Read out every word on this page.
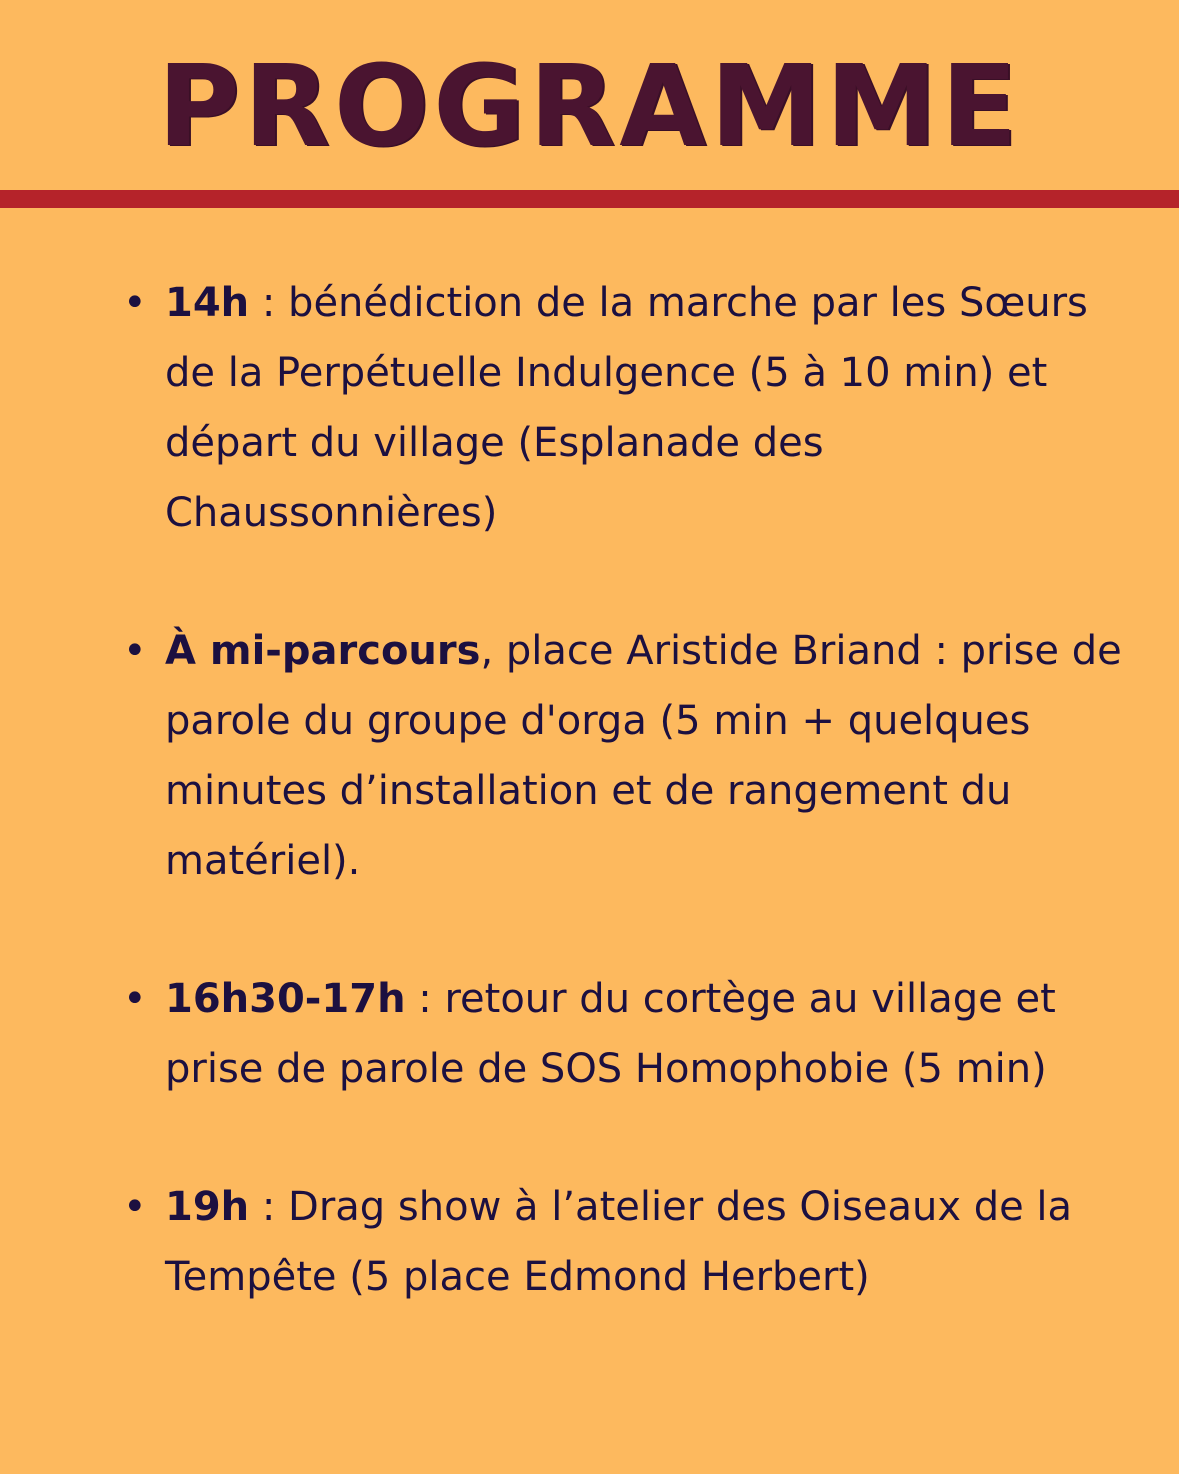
PROGRAMME
• 14h : bénédiction de la marche par les Sœurs de la Perpétuelle Indulgence (5 à 10 min) et départ du village (Esplanade des Chaussonnières)
• À mi-parcours, place Aristide Briand : prise de parole du groupe d'orga (5 min + quelques minutes d’installation et de rangement du matériel).
• 16h30-17h : retour du cortège au village et prise de parole de SOS Homophobie (5 min)
• 19h : Drag show à l’atelier des Oiseaux de la Tempête (5 place Edmond Herbert)
